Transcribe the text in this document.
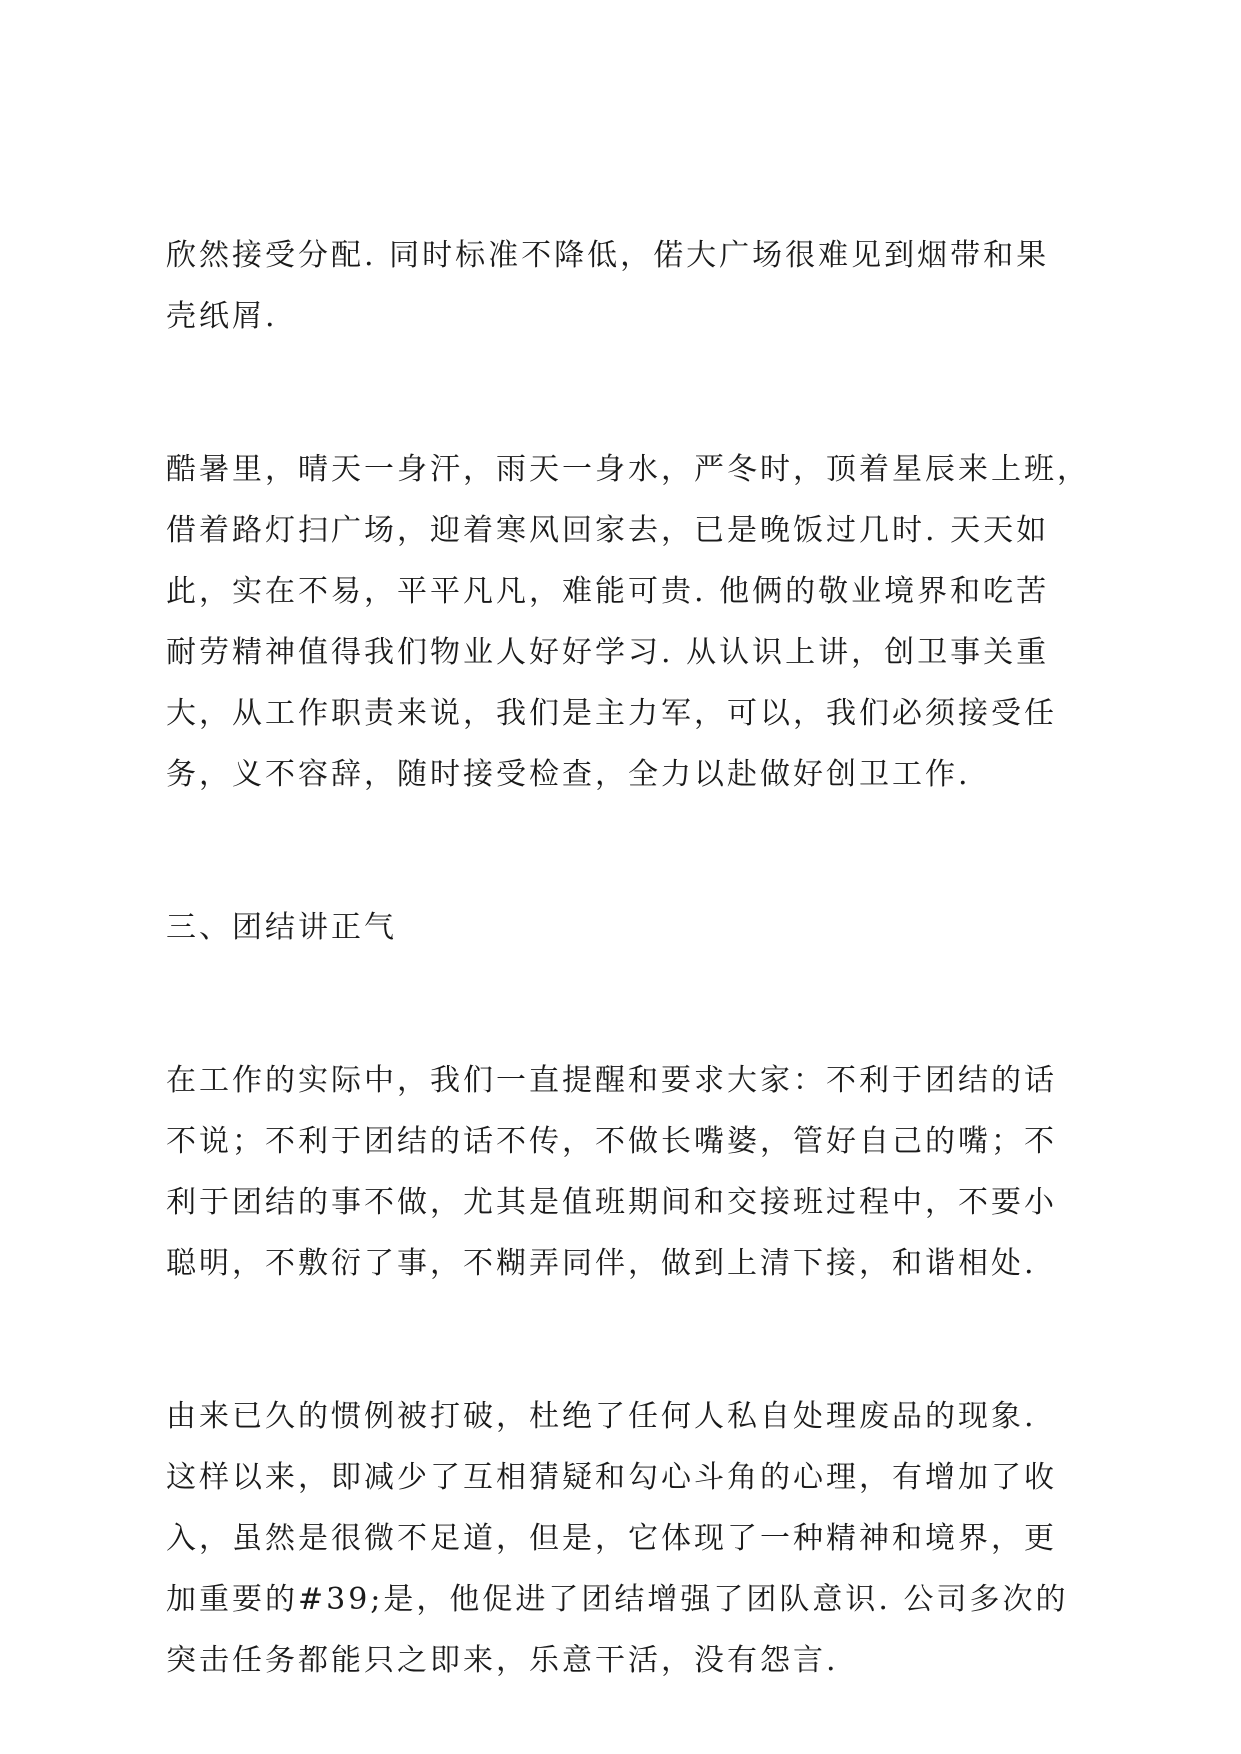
欣然接受分配. 同时标准不降低，偌大广场很难见到烟带和果
壳纸屑.

酷暑里，晴天一身汗，雨天一身水，严冬时，顶着星辰来上班，
借着路灯扫广场，迎着寒风回家去，已是晚饭过几时. 天天如
此，实在不易，平平凡凡，难能可贵. 他俩的敬业境界和吃苦
耐劳精神值得我们物业人好好学习. 从认识上讲，创卫事关重
大，从工作职责来说，我们是主力军，可以，我们必须接受任
务，义不容辞，随时接受检查，全力以赴做好创卫工作.

三、团结讲正气

在工作的实际中，我们一直提醒和要求大家：不利于团结的话
不说；不利于团结的话不传，不做长嘴婆，管好自己的嘴；不
利于团结的事不做，尤其是值班期间和交接班过程中，不要小
聪明，不敷衍了事，不糊弄同伴，做到上清下接，和谐相处.

由来已久的惯例被打破，杜绝了任何人私自处理废品的现象.
这样以来，即减少了互相猜疑和勾心斗角的心理，有增加了收
入，虽然是很微不足道，但是，它体现了一种精神和境界，更
加重要的#39;是，他促进了团结增强了团队意识. 公司多次的
突击任务都能只之即来，乐意干活，没有怨言.
